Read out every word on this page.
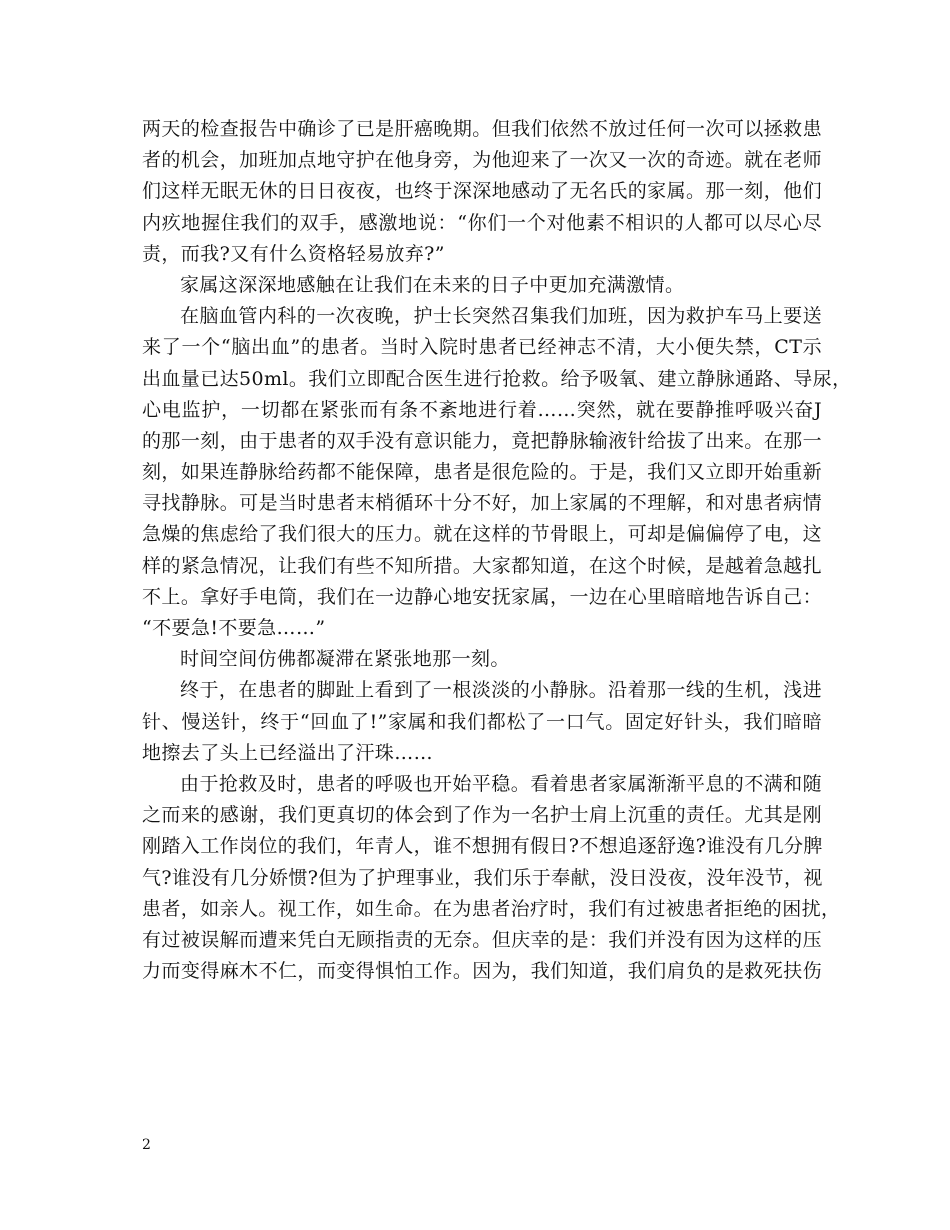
两天的检查报告中确诊了已是肝癌晚期。但我们依然不放过任何一次可以拯救患
者的机会，加班加点地守护在他身旁，为他迎来了一次又一次的奇迹。就在老师
们这样无眠无休的日日夜夜，也终于深深地感动了无名氏的家属。那一刻，他们
内疚地握住我们的双手，感激地说：“你们一个对他素不相识的人都可以尽心尽
责，而我?又有什么资格轻易放弃?”
家属这深深地感触在让我们在未来的日子中更加充满激情。
在脑血管内科的一次夜晚，护士长突然召集我们加班，因为救护车马上要送
来了一个“脑出血”的患者。当时入院时患者已经神志不清，大小便失禁，CT示
出血量已达50ml。我们立即配合医生进行抢救。给予吸氧、建立静脉通路、导尿，
心电监护，一切都在紧张而有条不紊地进行着……突然，就在要静推呼吸兴奋J
的那一刻，由于患者的双手没有意识能力，竟把静脉输液针给拔了出来。在那一
刻，如果连静脉给药都不能保障，患者是很危险的。于是，我们又立即开始重新
寻找静脉。可是当时患者末梢循环十分不好，加上家属的不理解，和对患者病情
急燥的焦虑给了我们很大的压力。就在这样的节骨眼上，可却是偏偏停了电，这
样的紧急情况，让我们有些不知所措。大家都知道，在这个时候，是越着急越扎
不上。拿好手电筒，我们在一边静心地安抚家属，一边在心里暗暗地告诉自己：
“不要急!不要急……”
时间空间仿佛都凝滞在紧张地那一刻。
终于，在患者的脚趾上看到了一根淡淡的小静脉。沿着那一线的生机，浅进
针、慢送针，终于“回血了!”家属和我们都松了一口气。固定好针头，我们暗暗
地擦去了头上已经溢出了汗珠……
由于抢救及时，患者的呼吸也开始平稳。看着患者家属渐渐平息的不满和随
之而来的感谢，我们更真切的体会到了作为一名护士肩上沉重的责任。尤其是刚
刚踏入工作岗位的我们，年青人，谁不想拥有假日?不想追逐舒逸?谁没有几分脾
气?谁没有几分娇惯?但为了护理事业，我们乐于奉献，没日没夜，没年没节，视
患者，如亲人。视工作，如生命。在为患者治疗时，我们有过被患者拒绝的困扰，
有过被误解而遭来凭白无顾指责的无奈。但庆幸的是：我们并没有因为这样的压
力而变得麻木不仁，而变得惧怕工作。因为，我们知道，我们肩负的是救死扶伤
2
